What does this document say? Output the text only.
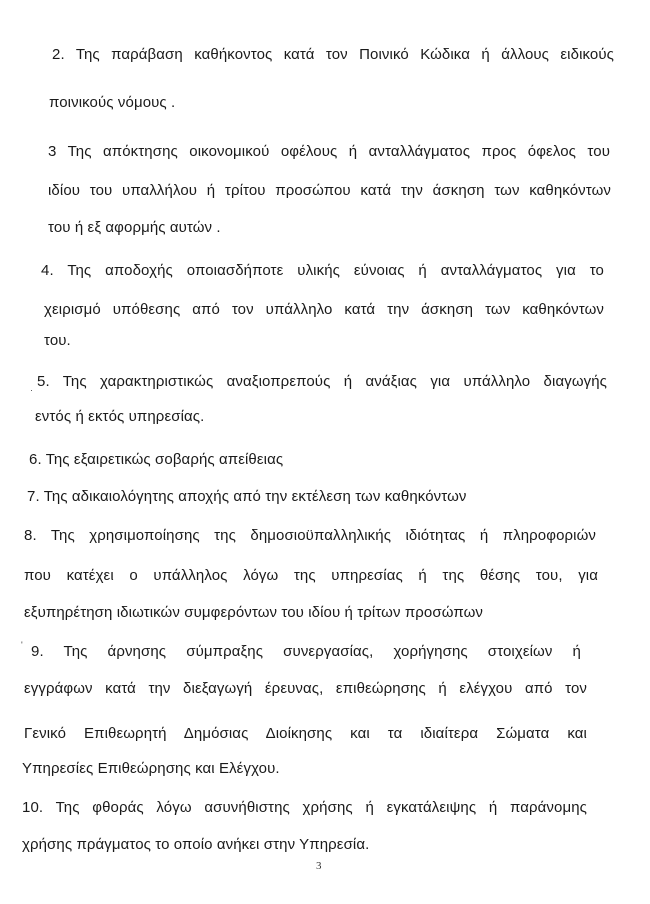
2. Της παράβαση καθήκοντος κατά τον Ποινικό Κώδικα ή άλλους ειδικούς
ποινικούς νόμους .
3 Της απόκτησης οικονομικού οφέλους ή ανταλλάγματος προς όφελος του
ιδίου του υπαλλήλου ή τρίτου προσώπου κατά την άσκηση των καθηκόντων
του ή εξ αφορμής αυτών .
4. Της αποδοχής οποιασδήποτε υλικής εύνοιας ή ανταλλάγματος για το
χειρισμό υπόθεσης από τον υπάλληλο κατά την άσκηση των καθηκόντων
του.
· 5. Της χαρακτηριστικώς αναξιοπρεπούς ή ανάξιας για υπάλληλο διαγωγής
εντός ή εκτός υπηρεσίας.
6. Της εξαιρετικώς σοβαρής απείθειας
7. Της αδικαιολόγητης αποχής από την εκτέλεση των καθηκόντων
8. Της χρησιμοποίησης της δημοσιοϋπαλληλικής ιδιότητας ή πληροφοριών
που κατέχει ο υπάλληλος λόγω της υπηρεσίας ή της θέσης του, για
εξυπηρέτηση ιδιωτικών συμφερόντων του ιδίου ή τρίτων προσώπων
' 9. Της άρνησης σύμπραξης συνεργασίας, χορήγησης στοιχείων ή
εγγράφων κατά την διεξαγωγή έρευνας, επιθεώρησης ή ελέγχου από τον
Γενικό Επιθεωρητή Δημόσιας Διοίκησης και τα ιδιαίτερα Σώματα και
Υπηρεσίες Επιθεώρησης και Ελέγχου.
10. Της φθοράς λόγω ασυνήθιστης χρήσης ή εγκατάλειψης ή παράνομης
χρήσης πράγματος το οποίο ανήκει στην Υπηρεσία.
3
